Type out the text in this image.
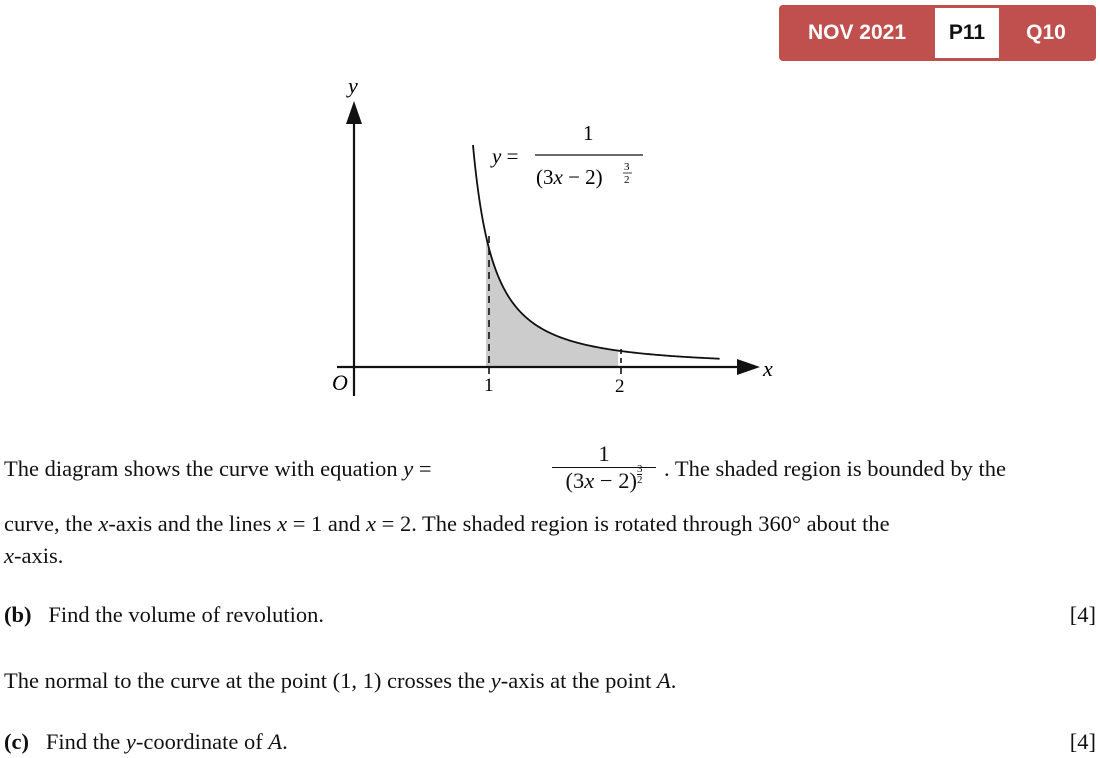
NOV 2021	P11	Q10
y
x
O	1	2
y =
1
(3x − 2) 3
2
The diagram shows the curve with equation y =
1
$(3x - 2) \frac{3}{2}$ . The shaded region is bounded by the
curve, the x-axis and the lines x = 1 and x = 2. The shaded region is rotated through 360° about the
x-axis.
(b) Find the volume of revolution.	[4]
The normal to the curve at the point (1, 1) crosses the y-axis at the point A.
(c) Find the y-coordinate of A.	[4]
